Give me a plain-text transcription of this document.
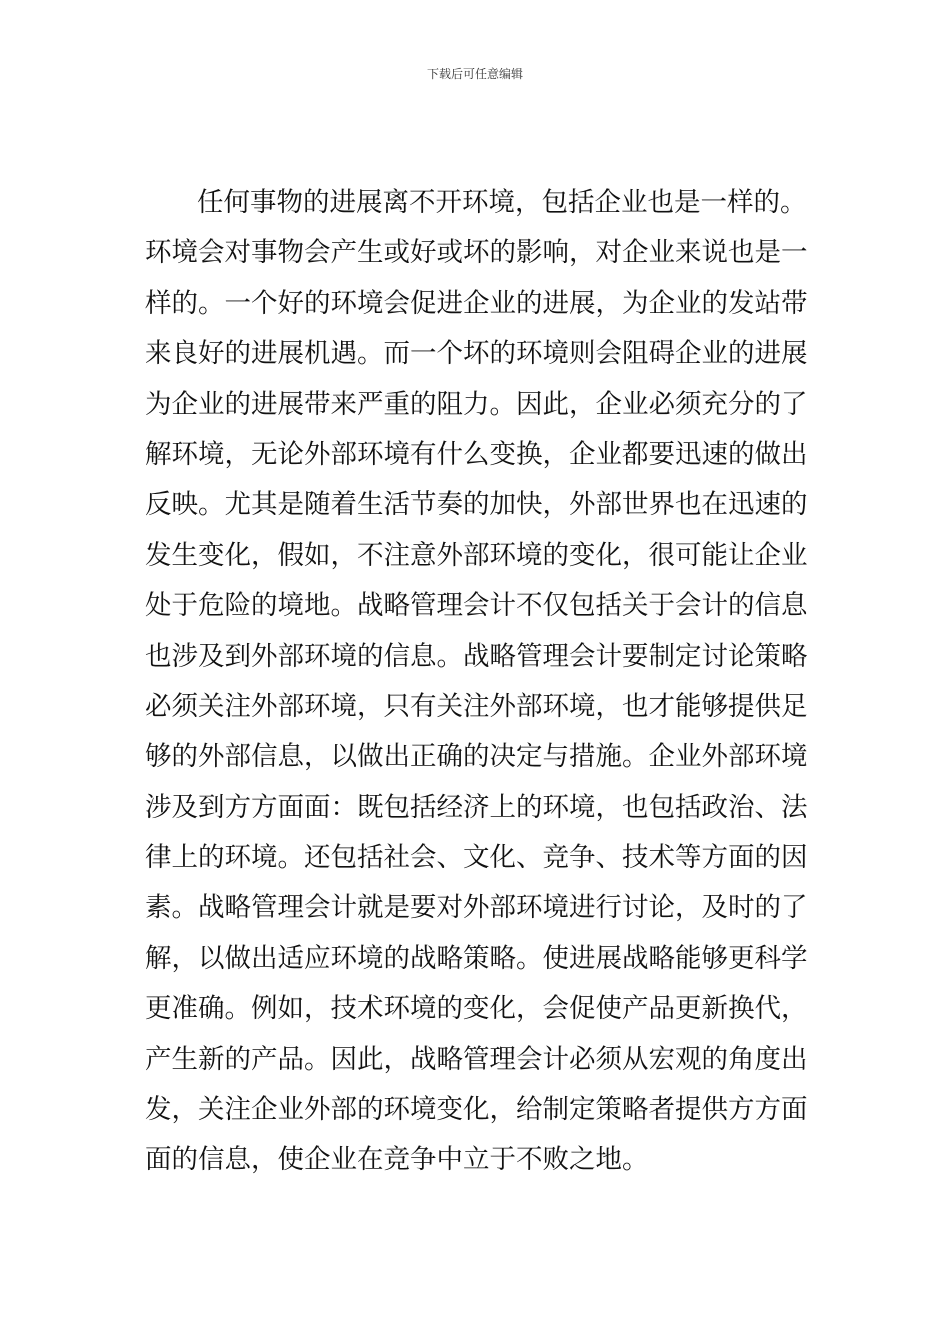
下载后可任意编辑
任何事物的进展离不开环境，包括企业也是一样的。
环境会对事物会产生或好或坏的影响，对企业来说也是一
样的。一个好的环境会促进企业的进展，为企业的发站带
来良好的进展机遇。而一个坏的环境则会阻碍企业的进展
为企业的进展带来严重的阻力。因此，企业必须充分的了
解环境，无论外部环境有什么变换，企业都要迅速的做出
反映。尤其是随着生活节奏的加快，外部世界也在迅速的
发生变化，假如，不注意外部环境的变化，很可能让企业
处于危险的境地。战略管理会计不仅包括关于会计的信息
也涉及到外部环境的信息。战略管理会计要制定讨论策略
必须关注外部环境，只有关注外部环境，也才能够提供足
够的外部信息，以做出正确的决定与措施。企业外部环境
涉及到方方面面：既包括经济上的环境，也包括政治、法
律上的环境。还包括社会、文化、竞争、技术等方面的因
素。战略管理会计就是要对外部环境进行讨论，及时的了
解，以做出适应环境的战略策略。使进展战略能够更科学
更准确。例如，技术环境的变化，会促使产品更新换代，
产生新的产品。因此，战略管理会计必须从宏观的角度出
发，关注企业外部的环境变化，给制定策略者提供方方面
面的信息，使企业在竞争中立于不败之地。
